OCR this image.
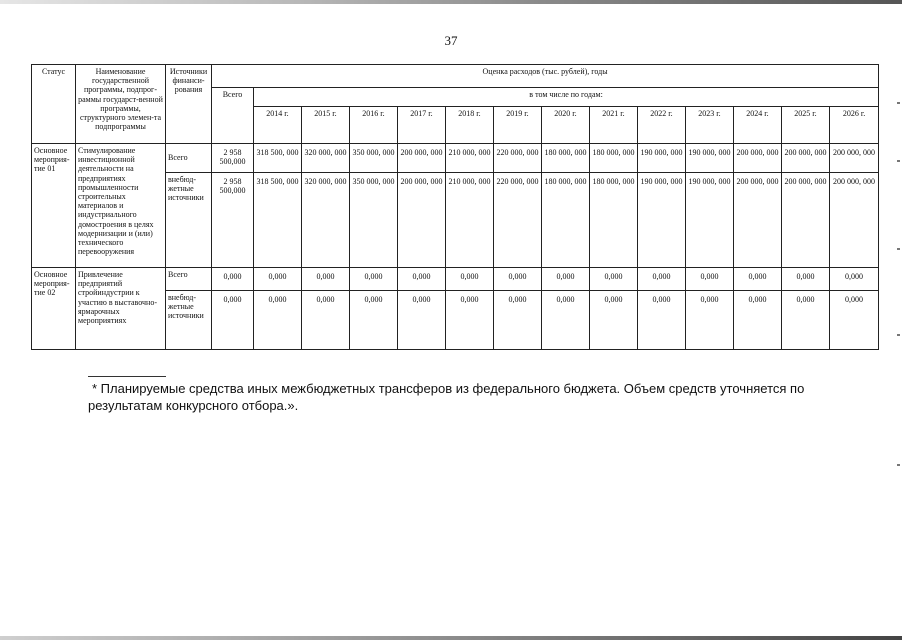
37
Статус	Наименование государственной программы, подпрог-раммы государст-венной программы, структурного элемен-та подпрограммы	Источники финанси-рования	Оценка расходов (тыс. рублей), годы													
			Всего	в том числе по годам:												
				2014 г.	2015 г.	2016 г.	2017 г.	2018 г.	2019 г.	2020 г.	2021 г.	2022 г.	2023 г.	2024 г.	2025 г.	2026 г.
Основное мероприя-тие 01	Стимулирование инвестиционной деятельности на предприятиях промышленности строительных материалов и индустриального домостроения в целях модернизации и (или) технического перевооружения	Всего	2 958 500,000	318 500, 000	320 000, 000	350 000, 000	200 000, 000	210 000, 000	220 000, 000	180 000, 000	180 000, 000	190 000, 000	190 000, 000	200 000, 000	200 000, 000	200 000, 000
		внебюд-жетные источники	2 958 500,000	318 500, 000	320 000, 000	350 000, 000	200 000, 000	210 000, 000	220 000, 000	180 000, 000	180 000, 000	190 000, 000	190 000, 000	200 000, 000	200 000, 000	200 000, 000
Основное мероприя-тие 02	Привлечение предприятий стройиндустрии к участию в выставочно-ярмарочных мероприятиях	Всего	0,000	0,000	0,000	0,000	0,000	0,000	0,000	0,000	0,000	0,000	0,000	0,000	0,000	0,000
		внебюд-жетные источники	0,000	0,000	0,000	0,000	0,000	0,000	0,000	0,000	0,000	0,000	0,000	0,000	0,000	0,000
* Планируемые средства иных межбюджетных трансферов из федерального бюджета. Объем средств уточняется по
результатам конкурсного отбора.».
